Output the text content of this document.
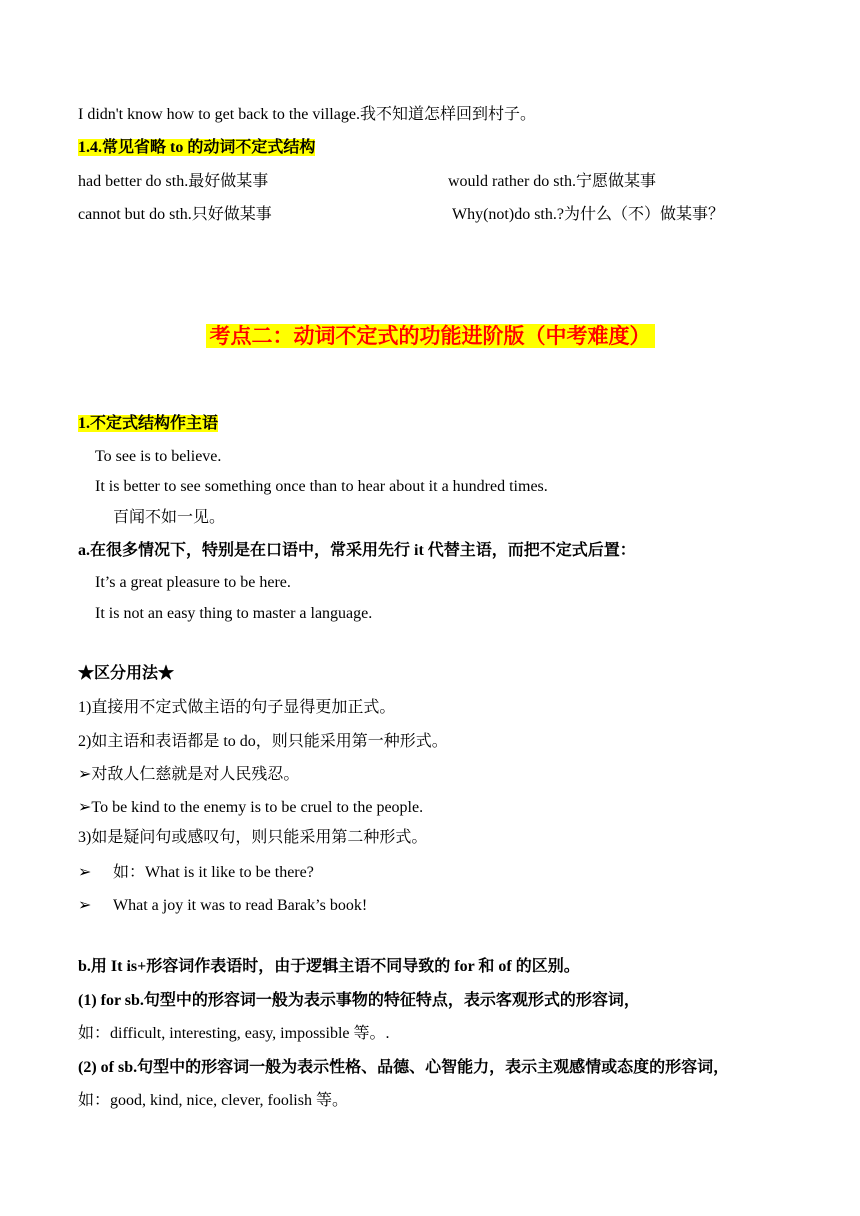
I didn't know how to get back to the village.我不知道怎样回到村子。
1.4.常见省略 to 的动词不定式结构
had better do sth.最好做某事	would rather do sth.宁愿做某事
cannot but do sth.只好做某事	Why(not)do sth.?为什么（不）做某事？
考点二：动词不定式的功能进阶版（中考难度）
1.不定式结构作主语
To see is to believe.
It is better to see something once than to hear about it a hundred times.
百闻不如一见。
a.在很多情况下，特别是在口语中，常采用先行 it 代替主语，而把不定式后置：
It’s a great pleasure to be here.
It is not an easy thing to master a language.
★区分用法★
1)直接用不定式做主语的句子显得更加正式。
2)如主语和表语都是 to do，则只能采用第一种形式。
➢对敌人仁慈就是对人民残忍。
➢To be kind to the enemy is to be cruel to the people.
3)如是疑问句或感叹句，则只能采用第二种形式。
➢ 如：What is it like to be there?
➢ What a joy it was to read Barak’s book!
b.用 It is+形容词作表语时，由于逻辑主语不同导致的 for 和 of 的区别。
(1) for sb.句型中的形容词一般为表示事物的特征特点，表示客观形式的形容词，
如：difficult, interesting, easy, impossible 等。.
(2) of sb.句型中的形容词一般为表示性格、品德、心智能力，表示主观感情或态度的形容词，
如：good, kind, nice, clever, foolish 等。
